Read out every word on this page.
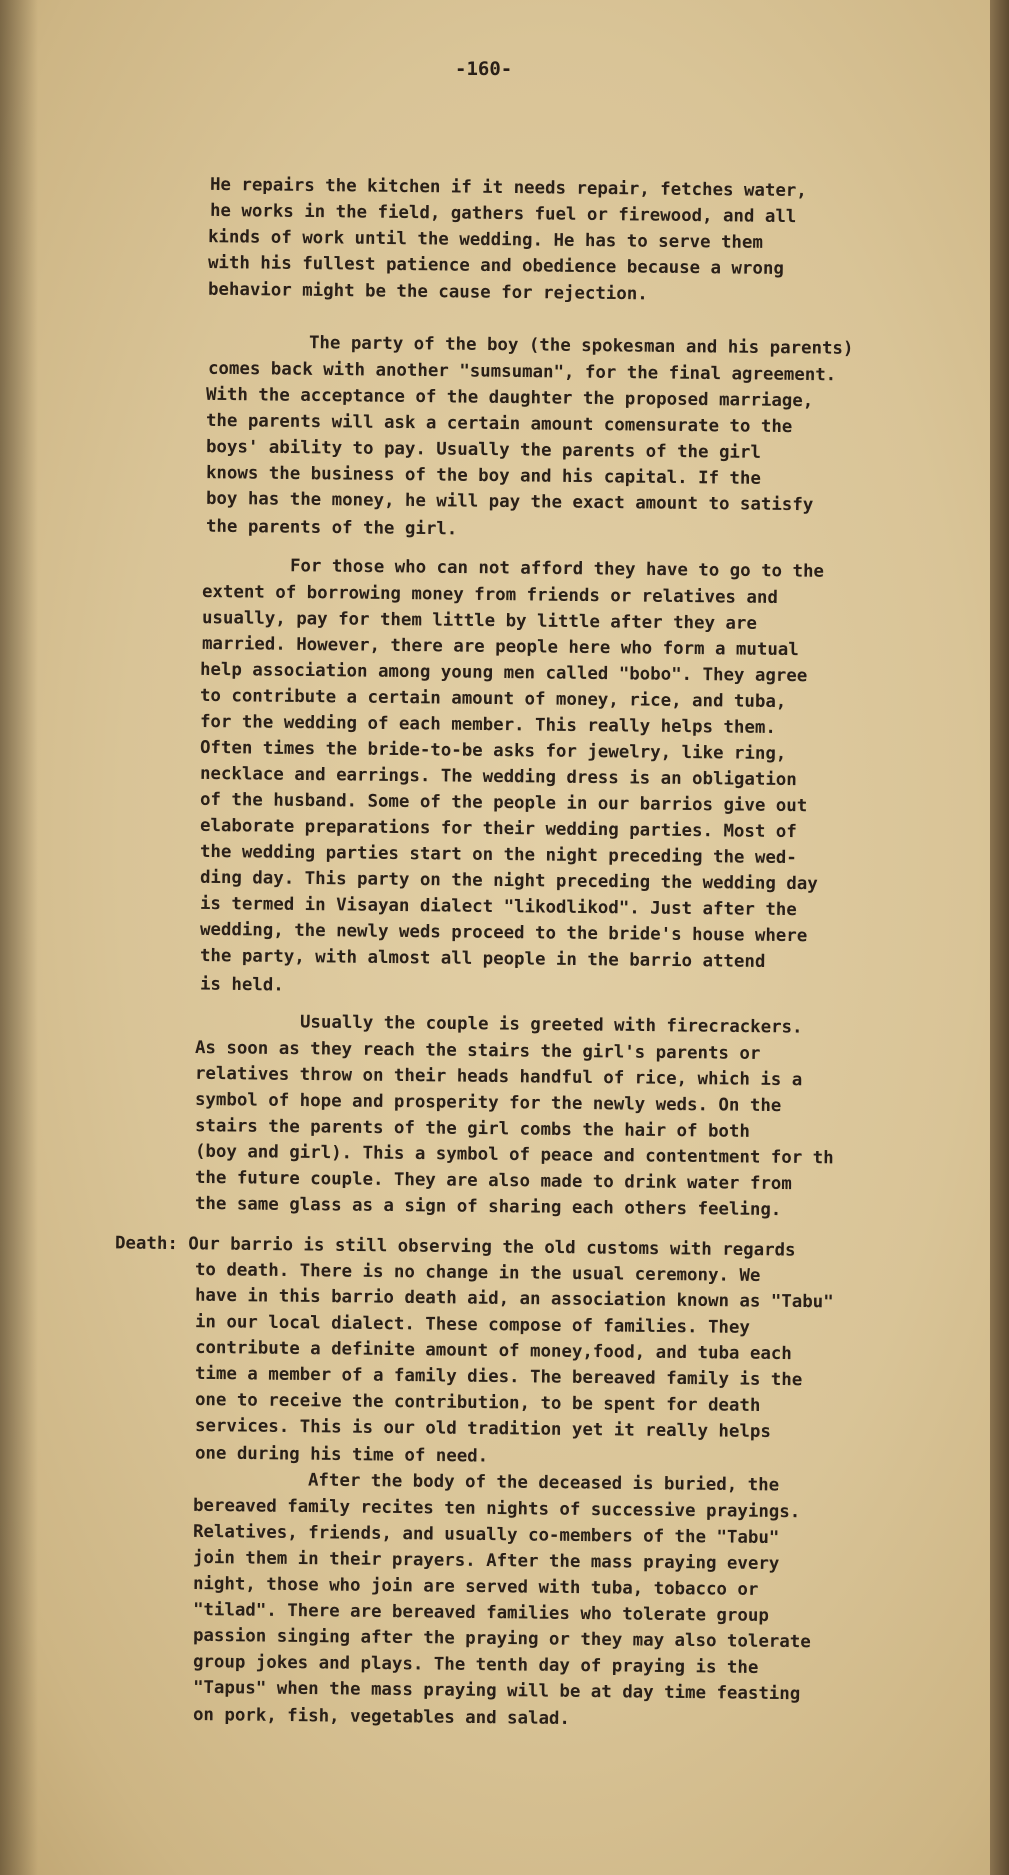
-160-

He repairs the kitchen if it needs repair, fetches water,

he works in the field, gathers fuel or firewood, and all

kinds of work until the wedding. He has to serve them

with his fullest patience and obedience because a wrong

behavior might be the cause for rejection.

The party of the boy (the spokesman and his parents)

comes back with another "sumsuman", for the final agreement.

With the acceptance of the daughter the proposed marriage,

the parents will ask a certain amount comensurate to the

boys' ability to pay. Usually the parents of the girl

knows the business of the boy and his capital. If the

boy has the money, he will pay the exact amount to satisfy

the parents of the girl.

For those who can not afford they have to go to the

extent of borrowing money from friends or relatives and

usually, pay for them little by little after they are

married. However, there are people here who form a mutual

help association among young men called "bobo". They agree

to contribute a certain amount of money, rice, and tuba,

for the wedding of each member. This really helps them.

Often times the bride-to-be asks for jewelry, like ring,

necklace and earrings. The wedding dress is an obligation

of the husband. Some of the people in our barrios give out

elaborate preparations for their wedding parties. Most of

the wedding parties start on the night preceding the wed-

ding day. This party on the night preceding the wedding day

is termed in Visayan dialect "likodlikod". Just after the

wedding, the newly weds proceed to the bride's house where

the party, with almost all people in the barrio attend

is held.

Usually the couple is greeted with firecrackers.

As soon as they reach the stairs the girl's parents or

relatives throw on their heads handful of rice, which is a

symbol of hope and prosperity for the newly weds. On the

stairs the parents of the girl combs the hair of both

(boy and girl). This a symbol of peace and contentment for th

the future couple. They are also made to drink water from

the same glass as a sign of sharing each others feeling.

Death: Our barrio is still observing the old customs with regards

to death. There is no change in the usual ceremony. We

have in this barrio death aid, an association known as "Tabu"

in our local dialect. These compose of families. They

contribute a definite amount of money,food, and tuba each

time a member of a family dies. The bereaved family is the

one to receive the contribution, to be spent for death

services. This is our old tradition yet it really helps

one during his time of need.

After the body of the deceased is buried, the

bereaved family recites ten nights of successive prayings.

Relatives, friends, and usually co-members of the "Tabu"

join them in their prayers. After the mass praying every

night, those who join are served with tuba, tobacco or

"tilad". There are bereaved families who tolerate group

passion singing after the praying or they may also tolerate

group jokes and plays. The tenth day of praying is the

"Tapus" when the mass praying will be at day time feasting

on pork, fish, vegetables and salad.
